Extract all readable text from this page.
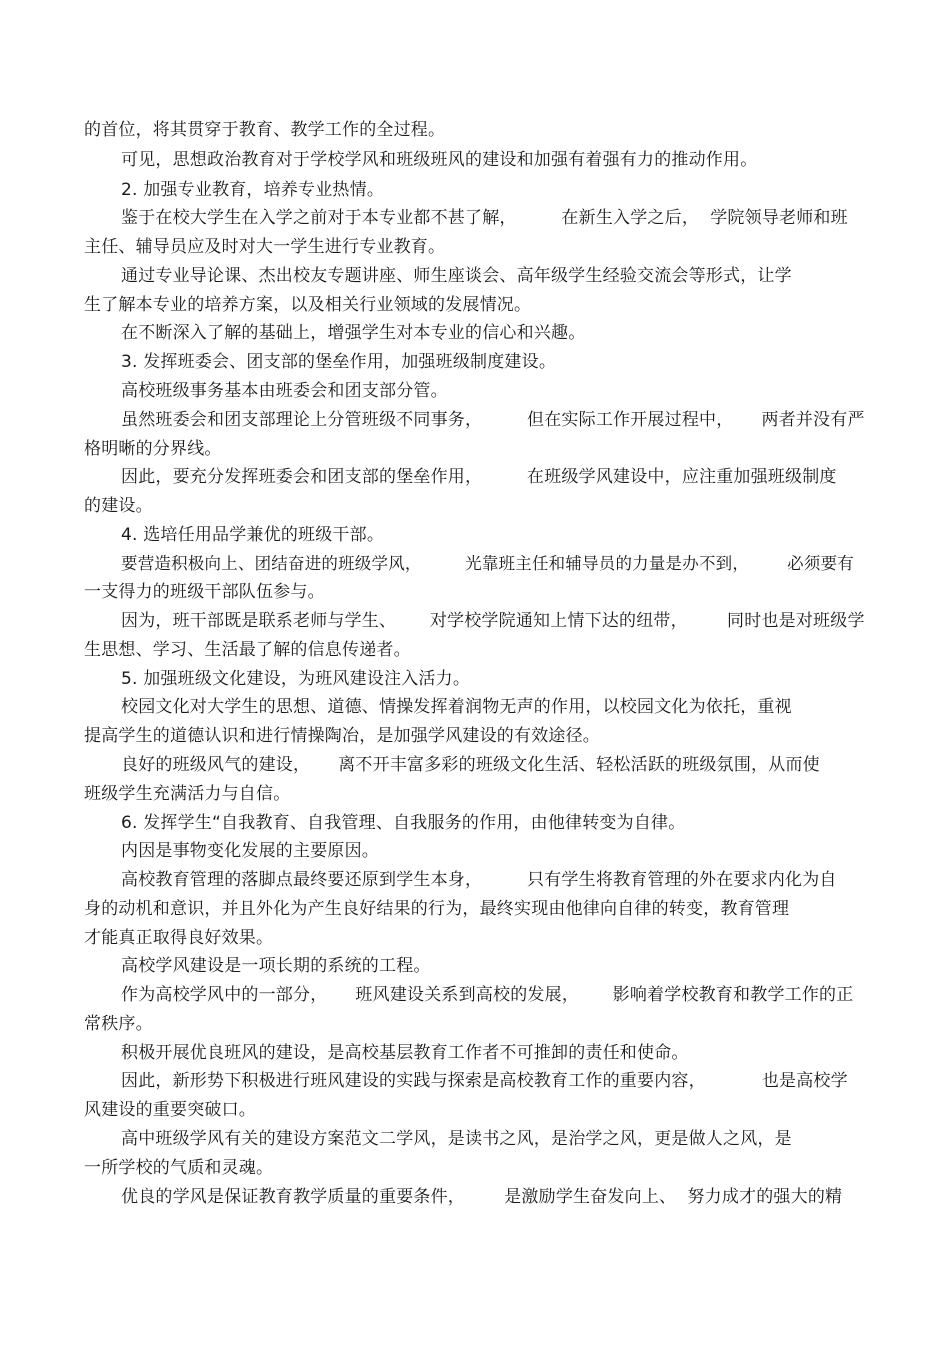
的首位，将其贯穿于教育、教学工作的全过程。
可见，思想政治教育对于学校学风和班级班风的建设和加强有着强有力的推动作用。
2. 加强专业教育，培养专业热情。
鉴于在校大学生在入学之前对于本专业都不甚了解，        在新生入学之后，  学院领导老师和班
主任、辅导员应及时对大一学生进行专业教育。
通过专业导论课、杰出校友专题讲座、师生座谈会、高年级学生经验交流会等形式，让学
生了解本专业的培养方案，以及相关行业领域的发展情况。
在不断深入了解的基础上，增强学生对本专业的信心和兴趣。
3. 发挥班委会、团支部的堡垒作用，加强班级制度建设。
高校班级事务基本由班委会和团支部分管。
虽然班委会和团支部理论上分管班级不同事务，        但在实际工作开展过程中，     两者并没有严
格明晰的分界线。
因此，要充分发挥班委会和团支部的堡垒作用，        在班级学风建设中，应注重加强班级制度
的建设。
4. 选培任用品学兼优的班级干部。
要营造积极向上、团结奋进的班级学风，        光靠班主任和辅导员的力量是办不到，       必须要有
一支得力的班级干部队伍参与。
因为，班干部既是联系老师与学生、      对学校学院通知上情下达的纽带，       同时也是对班级学
生思想、学习、生活最了解的信息传递者。
5. 加强班级文化建设，为班风建设注入活力。
校园文化对大学生的思想、道德、情操发挥着润物无声的作用，以校园文化为依托，重视
提高学生的道德认识和进行情操陶冶，是加强学风建设的有效途径。
良好的班级风气的建设，     离不开丰富多彩的班级文化生活、轻松活跃的班级氛围，从而使
班级学生充满活力与自信。
6. 发挥学生“自我教育、自我管理、自我服务的作用，由他律转变为自律。
内因是事物变化发展的主要原因。
高校教育管理的落脚点最终要还原到学生本身，        只有学生将教育管理的外在要求内化为自
身的动机和意识，并且外化为产生良好结果的行为，最终实现由他律向自律的转变，教育管理
才能真正取得良好效果。
高校学风建设是一项长期的系统的工程。
作为高校学风中的一部分，     班风建设关系到高校的发展，      影响着学校教育和教学工作的正
常秩序。
积极开展优良班风的建设，是高校基层教育工作者不可推卸的责任和使命。
因此，新形势下积极进行班风建设的实践与探索是高校教育工作的重要内容，          也是高校学
风建设的重要突破口。
高中班级学风有关的建设方案范文二学风，是读书之风，是治学之风，更是做人之风，是
一所学校的气质和灵魂。
优良的学风是保证教育教学质量的重要条件，       是激励学生奋发向上、  努力成才的强大的精
